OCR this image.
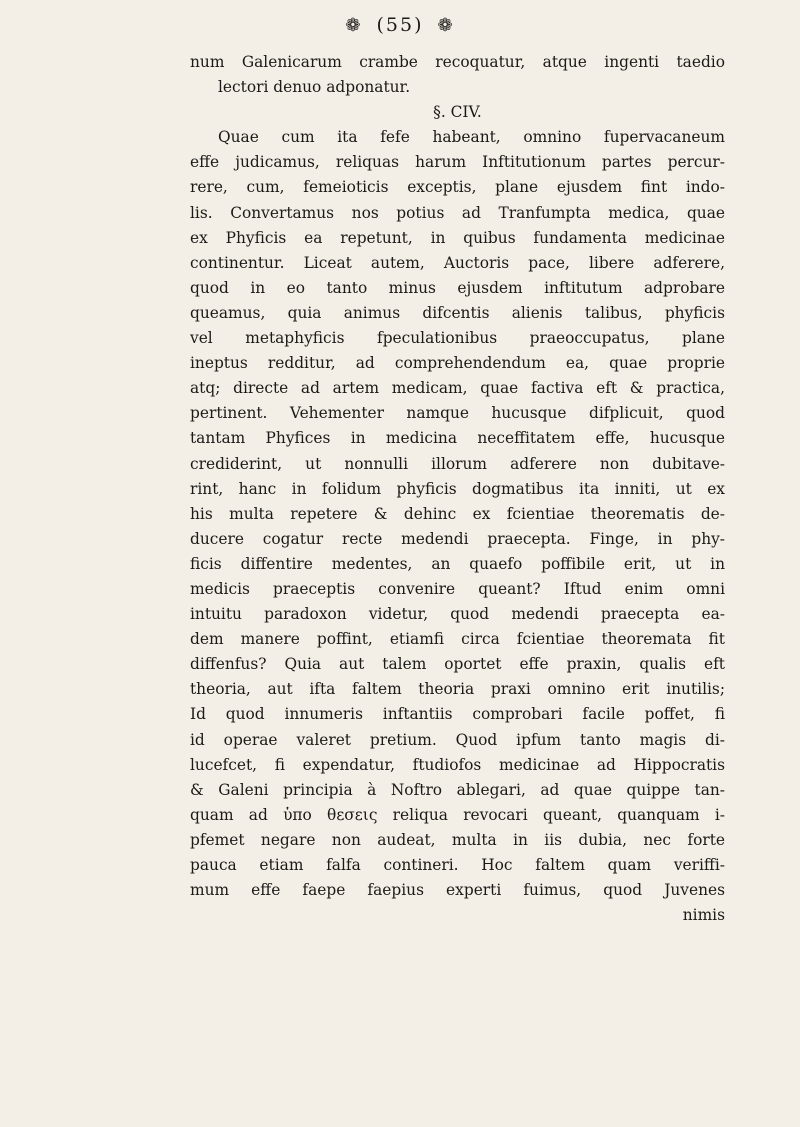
❁ (55) ❁
num Galenicarum crambe recoquatur, atque ingenti taedio
lectori denuo adponatur.
§. CIV.
Quae cum ita fefe habeant, omnino fupervacaneum
effe judicamus, reliquas harum Inftitutionum partes percur-
rere, cum, femeioticis exceptis, plane ejusdem fint indo-
lis. Convertamus nos potius ad Tranfumpta medica, quae
ex Phyficis ea repetunt, in quibus fundamenta medicinae
continentur. Liceat autem, Auctoris pace, libere adferere,
quod in eo tanto minus ejusdem inftitutum adprobare
queamus, quia animus difcentis alienis talibus, phyficis
vel metaphyficis fpeculationibus praeoccupatus, plane
ineptus redditur, ad comprehendendum ea, quae proprie
atq; directe ad artem medicam, quae factiva eft & practica,
pertinent. Vehementer namque hucusque difplicuit, quod
tantam Phyfices in medicina neceffitatem effe, hucusque
crediderint, ut nonnulli illorum adferere non dubitave-
rint, hanc in folidum phyficis dogmatibus ita inniti, ut ex
his multa repetere & dehinc ex fcientiae theorematis de-
ducere cogatur recte medendi praecepta. Finge, in phy-
ficis diffentire medentes, an quaefo poffibile erit, ut in
medicis praeceptis convenire queant? Iftud enim omni
intuitu paradoxon videtur, quod medendi praecepta ea-
dem manere poffint, etiamfi circa fcientiae theoremata fit
diffenfus? Quia aut talem oportet effe praxin, qualis eft
theoria, aut ifta faltem theoria praxi omnino erit inutilis;
Id quod innumeris inftantiis comprobari facile poffet, fi
id operae valeret pretium. Quod ipfum tanto magis di-
lucefcet, fi expendatur, ftudiofos medicinae ad Hippocratis
& Galeni principia à Noftro ablegari, ad quae quippe tan-
quam ad ὑπο θεσεις reliqua revocari queant, quanquam i-
pfemet negare non audeat, multa in iis dubia, nec forte
pauca etiam falfa contineri. Hoc faltem quam veriffi-
mum effe faepe faepius experti fuimus, quod Juvenes
nimis
